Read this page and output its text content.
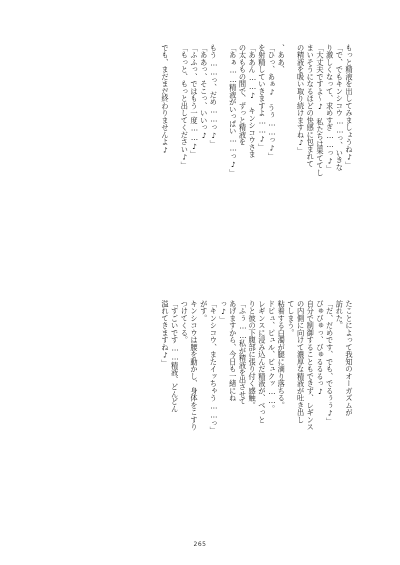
もっと精液を出してみましょうね♪」
「で、でもキンシコウ……っ、いきな
り激しくなって、求めすぎ……っ♪」
「大丈夫ですよ～♪　私たちは果ててし
まいそうになるほどの快感に包まれて
の精液を吸い取り続けますね♪」
、ああ、
「ひっ、あぁ♪　うぅ……っ♪」
を射精していきますよ……♪」
「ああん……♪　キンシコウさま
の太ももの間で、ずっと精液を
「あぁ……精液がいっぱい……っ♪」
もう……っ、だめ……っ♪」
「ああっ、そこっ、いいっ♪
「ふふっ、ではもう一度……♪」
「もっと、もっと出してください♪」
でも、まだまだ終わりませんよ♪
たことによって我知のオーガズムが
訪れた。
「だ、だめです、でも、でるぅぅ♪」
びゅびゅっ、びゅるるるっ♪
自分で制御することもできず、レギンス
の内側に向けて濃厚な精液が吐き出し
てしまう。
粘着する白濁が腿に滴り落ちる。
ドピュ、ピュル、ビュクッ……。
レギンスに浸み込んだ精液が、べっと
りと彼の下腹部に張り付く感触。
「ふぅ……私が精液を出させて
あげますから、今日も一緒にね
っ♪」
「キンシコウ、またイッちゃう……っ」
がす。
キンシコウは腰を動かし、身体をこすり
つけてくる。
「すごいです……精液、どんどん
溢れてきますね♪」
265
